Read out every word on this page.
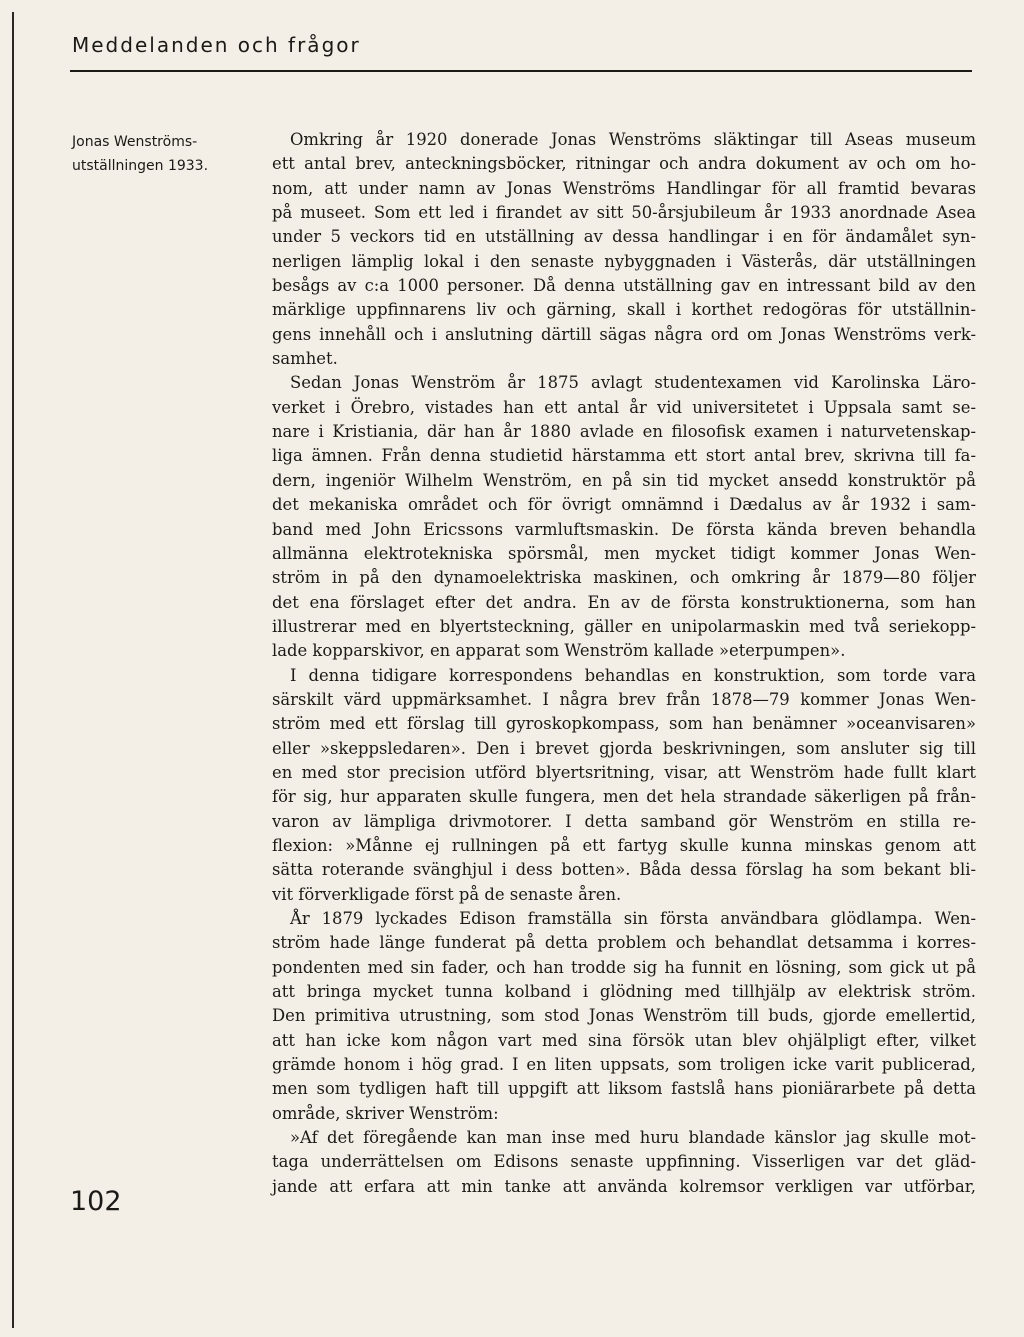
Meddelanden och frågor
Jonas Wenströms-
utställningen 1933.
Omkring år 1920 donerade Jonas Wenströms släktingar till Aseas museum
ett antal brev, anteckningsböcker, ritningar och andra dokument av och om ho-
nom, att under namn av Jonas Wenströms Handlingar för all framtid bevaras
på museet. Som ett led i firandet av sitt 50-årsjubileum år 1933 anordnade Asea
under 5 veckors tid en utställning av dessa handlingar i en för ändamålet syn-
nerligen lämplig lokal i den senaste nybyggnaden i Västerås, där utställningen
besågs av c:a 1000 personer. Då denna utställning gav en intressant bild av den
märklige uppfinnarens liv och gärning, skall i korthet redogöras för utställnin-
gens innehåll och i anslutning därtill sägas några ord om Jonas Wenströms verk-
samhet.
Sedan Jonas Wenström år 1875 avlagt studentexamen vid Karolinska Läro-
verket i Örebro, vistades han ett antal år vid universitetet i Uppsala samt se-
nare i Kristiania, där han år 1880 avlade en filosofisk examen i naturvetenskap-
liga ämnen. Från denna studietid härstamma ett stort antal brev, skrivna till fa-
dern, ingeniör Wilhelm Wenström, en på sin tid mycket ansedd konstruktör på
det mekaniska området och för övrigt omnämnd i Dædalus av år 1932 i sam-
band med John Ericssons varmluftsmaskin. De första kända breven behandla
allmänna elektrotekniska spörsmål, men mycket tidigt kommer Jonas Wen-
ström in på den dynamoelektriska maskinen, och omkring år 1879—80 följer
det ena förslaget efter det andra. En av de första konstruktionerna, som han
illustrerar med en blyertsteckning, gäller en unipolarmaskin med två seriekopp-
lade kopparskivor, en apparat som Wenström kallade »eterpumpen».
I denna tidigare korrespondens behandlas en konstruktion, som torde vara
särskilt värd uppmärksamhet. I några brev från 1878—79 kommer Jonas Wen-
ström med ett förslag till gyroskopkompass, som han benämner »oceanvisaren»
eller »skeppsledaren». Den i brevet gjorda beskrivningen, som ansluter sig till
en med stor precision utförd blyertsritning, visar, att Wenström hade fullt klart
för sig, hur apparaten skulle fungera, men det hela strandade säkerligen på från-
varon av lämpliga drivmotorer. I detta samband gör Wenström en stilla re-
flexion: »Månne ej rullningen på ett fartyg skulle kunna minskas genom att
sätta roterande svänghjul i dess botten». Båda dessa förslag ha som bekant bli-
vit förverkligade först på de senaste åren.
År 1879 lyckades Edison framställa sin första användbara glödlampa. Wen-
ström hade länge funderat på detta problem och behandlat detsamma i korres-
pondenten med sin fader, och han trodde sig ha funnit en lösning, som gick ut på
att bringa mycket tunna kolband i glödning med tillhjälp av elektrisk ström.
Den primitiva utrustning, som stod Jonas Wenström till buds, gjorde emellertid,
att han icke kom någon vart med sina försök utan blev ohjälpligt efter, vilket
grämde honom i hög grad. I en liten uppsats, som troligen icke varit publicerad,
men som tydligen haft till uppgift att liksom fastslå hans pioniärarbete på detta
område, skriver Wenström:
»Af det föregående kan man inse med huru blandade känslor jag skulle mot-
taga underrättelsen om Edisons senaste uppfinning. Visserligen var det gläd-
jande att erfara att min tanke att använda kolremsor verkligen var utförbar,
102
